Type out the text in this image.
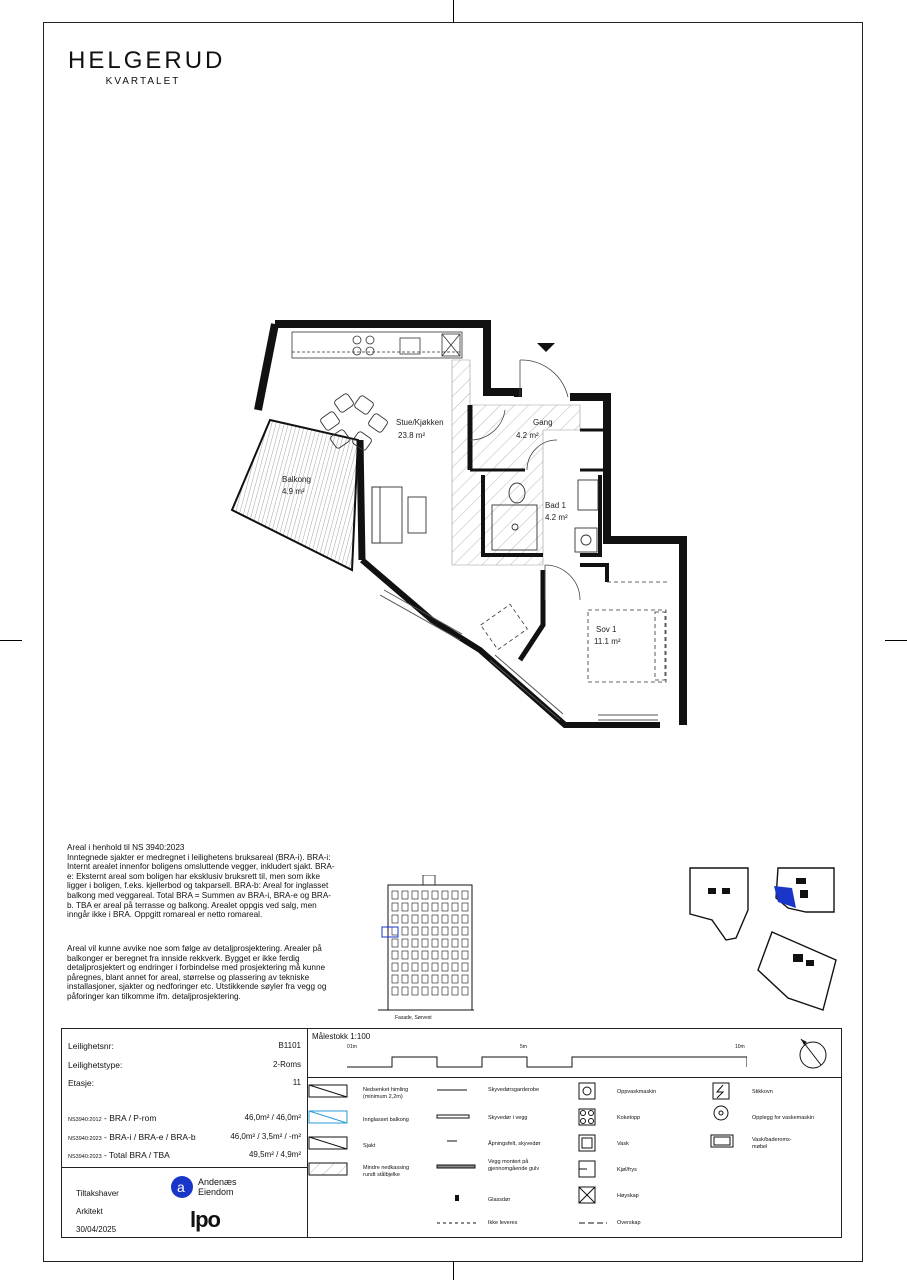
HELGERUD
KVARTALET
Stue/Kjøkken
23.8 m²
Gang
4.2 m²
Bad 1
4.2 m²
Balkong
4.9 m²
Sov 1
11.1 m²
Areal i henhold til NS 3940:2023
Inntegnede sjakter er medregnet i leilighetens bruksareal (BRA-i). BRA-i: Internt arealet innenfor boligens omsluttende vegger, inkludert sjakt. BRA-e: Eksternt areal som boligen har eksklusiv bruksrett til, men som ikke ligger i boligen, f.eks. kjellerbod og takparsell. BRA-b: Areal for inglasset balkong med veggareal. Total BRA = Summen av BRA-i, BRA-e og BRA-b. TBA er areal på terrasse og balkong. Arealet oppgis ved salg, men inngår ikke i BRA. Oppgitt romareal er netto romareal.
Areal vil kunne avvike noe som følge av detaljprosjektering. Arealer på balkonger er beregnet fra innside rekkverk. Bygget er ikke ferdig detaljprosjektert og endringer i forbindelse med prosjektering må kunne påregnes, blant annet for areal, størrelse og plassering av tekniske installasjoner, sjakter og nedforinger etc. Utstikkende søyler fra vegg og påforinger kan tilkomme ifm. detaljprosjektering.
Fasade, Sørvest
Leilighetsnr:	B1101
Leilighetstype:	2-Roms
Etasje:	11
NS3940:2012 - BRA / P-rom	46,0m² / 46,0m²
NS3940:2023 - BRA-i / BRA-e / BRA-b	46,0m² / 3,5m² / -m²
NS3940:2023 - Total BRA / TBA	49,5m² / 4,9m²
Tiltakshaver
Arkitekt
30/04/2025
a Andenæs
Eiendom
lpo
Målestokk 1:100
0 1m	5m	10m
Nedsenket himling
(minimum 2,2m)
Innglasset balkong
Sjakt
Mindre nedkassing
rundt stålbjelke
Skyvedørsgarderobe
Skyvedør i vegg
Åpningsfelt, skyvedør
Vegg montert på
gjennomgående gulv
Glassdør
Ikke leveres
Oppvaskmaskin
Koketopp
Vask
Kjøl/frys
Høyskap
Overskap
Stikkovn
Opplegg for vaskemaskin
Vask/baderoms-
møbel
